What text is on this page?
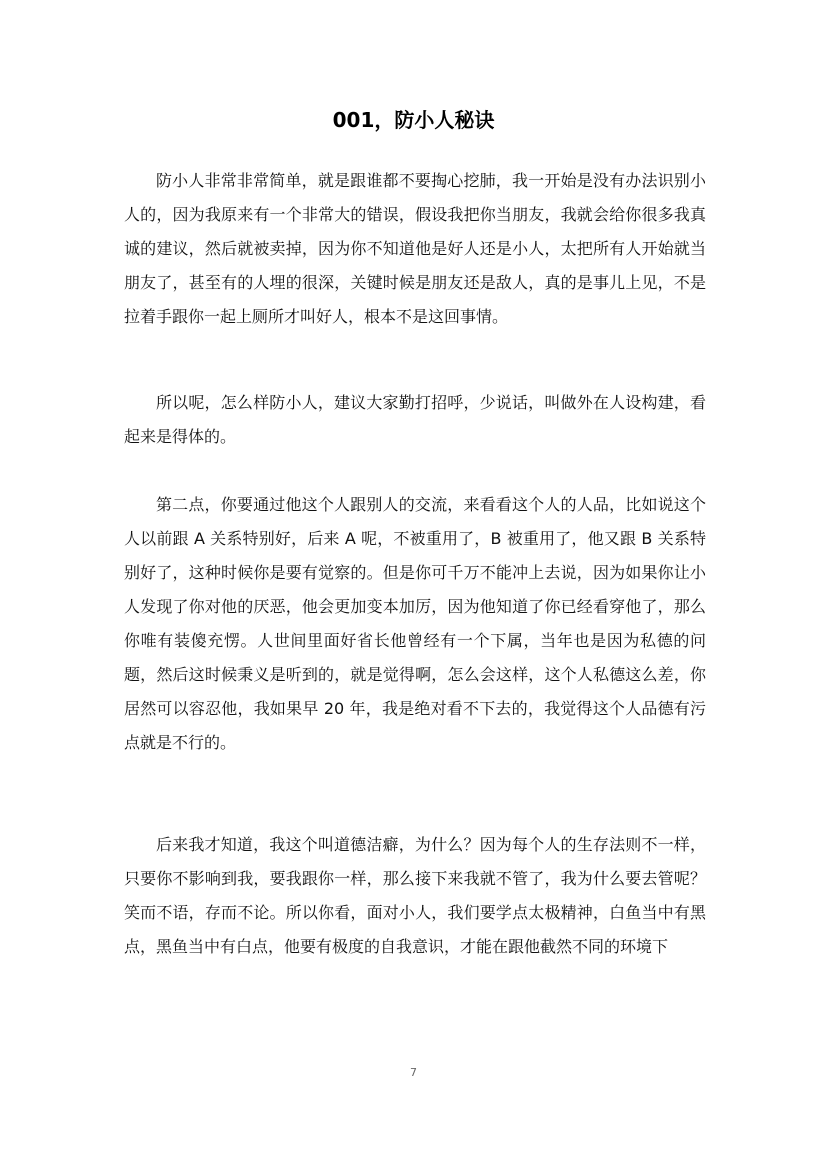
001，防小人秘诀

防小人非常非常简单，就是跟谁都不要掏心挖肺，我一开始是没有办法识别小人的，因为我原来有一个非常大的错误，假设我把你当朋友，我就会给你很多我真诚的建议，然后就被卖掉，因为你不知道他是好人还是小人，太把所有人开始就当朋友了，甚至有的人埋的很深，关键时候是朋友还是敌人，真的是事儿上见，不是拉着手跟你一起上厕所才叫好人，根本不是这回事情。

所以呢，怎么样防小人，建议大家勤打招呼，少说话，叫做外在人设构建，看起来是得体的。

第二点，你要通过他这个人跟别人的交流，来看看这个人的人品，比如说这个人以前跟 A 关系特别好，后来 A 呢，不被重用了，B 被重用了，他又跟 B 关系特别好了，这种时候你是要有觉察的。但是你可千万不能冲上去说，因为如果你让小人发现了你对他的厌恶，他会更加变本加厉，因为他知道了你已经看穿他了，那么你唯有装傻充愣。人世间里面好省长他曾经有一个下属，当年也是因为私德的问题，然后这时候秉义是听到的，就是觉得啊，怎么会这样，这个人私德这么差，你居然可以容忍他，我如果早 20 年，我是绝对看不下去的，我觉得这个人品德有污点就是不行的。

后来我才知道，我这个叫道德洁癖，为什么？因为每个人的生存法则不一样，只要你不影响到我，要我跟你一样，那么接下来我就不管了，我为什么要去管呢？笑而不语，存而不论。所以你看，面对小人，我们要学点太极精神，白鱼当中有黑点，黑鱼当中有白点，他要有极度的自我意识，才能在跟他截然不同的环境下

7
